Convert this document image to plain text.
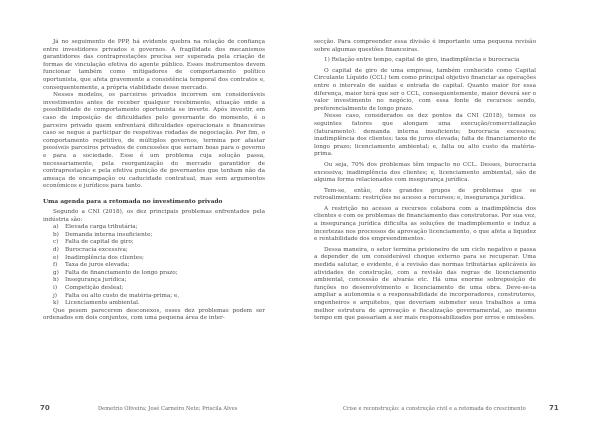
Já no seguimento de PPP, há evidente quebra na relação de confiança entre investidores privados e governos. A fragilidade dos mecanismos garantidores das contraprestações precisa ser superada pela criação de formas de vinculação efetiva do agente público. Esses instrumentos devem funcionar também como mitigadores de comportamento político oportunista, que afeta gravemente a consistência temporal dos contratos e, consequentemente, a própria viabilidade desse mercado.

Nesses modelos, os parceiros privados incorrem em consideráveis investimentos antes de receber qualquer recebimento, situação onde a possibilidade de comportamento oportunista se inverte. Após investir, em caso de imposição de dificuldades pelo governante do momento, é o parceiro privado quem enfrentará dificuldades operacionais e financeiras caso se negue a participar de respetivas rodadas de negociação. Por fim, o comportamento repetitivo, de múltiplos governos, termina por afastar possíveis parceiros privados de concessões que seriam boas para o governo e para a sociedade. Esse é um problema cuja solução passa, necessariamente, pela reorganização do mercado garantidor de contraprestação e pela efetiva punição de governantes que tenham não da ameaça de encampação ou caducidade contratual, mas sem argumentos econômicos e jurídicos para tanto.

Uma agenda para a retomada no investimento privado

Segundo a CNI (2018), os dez principais problemas enfrentados pela indústria são:

a)	Elevada carga tributária;
b)	Demanda interna insuficiente;
c)	Falta de capital de giro;
d)	Burocracia excessiva;
e)	Inadimplência dos clientes;
f)	Taxa de juros elevada;
g)	Falta de financiamento de longo prazo;
h)	Insegurança jurídica;
i)	Competição desleal;
j)	Falta ou alto custo de matéria-prima; e,
k)	Licenciamento ambiental.

Que pesem parecerem desconexos, esses dez problemas podem ser ordenados em dois conjuntos, com uma pequena área de inter-

secção. Para compreender essa divisão é importante uma pequena revisão sobre algumas questões financeiras.

1) Relação entre tempo, capital de giro, inadimplência e burocracia

O capital de giro de uma empresa, também conhecido como Capital Circulante Líquido (CCL) tem como principal objetivo financiar as operações entre o intervalo de saídas e entrada de capital. Quanto maior for essa diferença, maior terá que ser o CCL, consequentemente, maior deverá ser o valor investimento no negócio, com essa fonte de recursos sendo, preferencialmente de longo prazo.

Nesse caso, considerados os dez pontos da CNI (2018), temos os seguintes fatores que alongam uma execução/comercialização (faturamento): demanda interna insuficiente; burocracia excessiva; inadimplência dos clientes; taxa de juros elevada; falta de financiamento de longo prazo; licenciamento ambiental; e, falta ou alto custo da matéria-prima.

Ou seja, 70% dos problemas têm impacto no CCL. Desses, burocracia excessiva; inadimplência dos clientes; e, licenciamento ambiental, são de alguma forma relacionados com insegurança jurídica.

Tem-se, então, dois grandes grupos de problemas que se retroalimentam: restrições no acesso a recursos; e, insegurança jurídica.

A restrição no acesso a recursos colabora com a inadimplência dos clientes e com os problemas de financiamento das construtoras. Por sua vez, a insegurança jurídica dificulta as soluções de inadimplemento e induz a incertezas nos processos de aprovação licenciamento, o que afeta a liquidez e rentabilidade dos empreendimentos.

Dessa maneira, o setor termina prisioneiro de um ciclo negativo e passa a depender de um considerável choque externo para se recuperar. Uma medida salutar, e evidente, é a revisão das normas tributárias aplicáveis às atividades de construção, com a revisão das regras de licenciamento ambiental, concessão de alvarás etc. Há uma enorme sobreposição de funções no desenvolvimento e licenciamento de uma obra. Deve-se-ia ampliar a autonomia e a responsabilidade de incorporadores, construtores, engenheiros e arquitetos, que deveriam submeter seus trabalhos a uma melhor estrutura de aprovação e fiscalização governamental, ao mesmo tempo em que passariam a ser mais responsabilizados por erros e omissões.

70	Demetrio Oliveira; José Carneiro Neto; Priscila Alves	Crise e reconstrução: a construção civil e a retomada do crescimento	71
